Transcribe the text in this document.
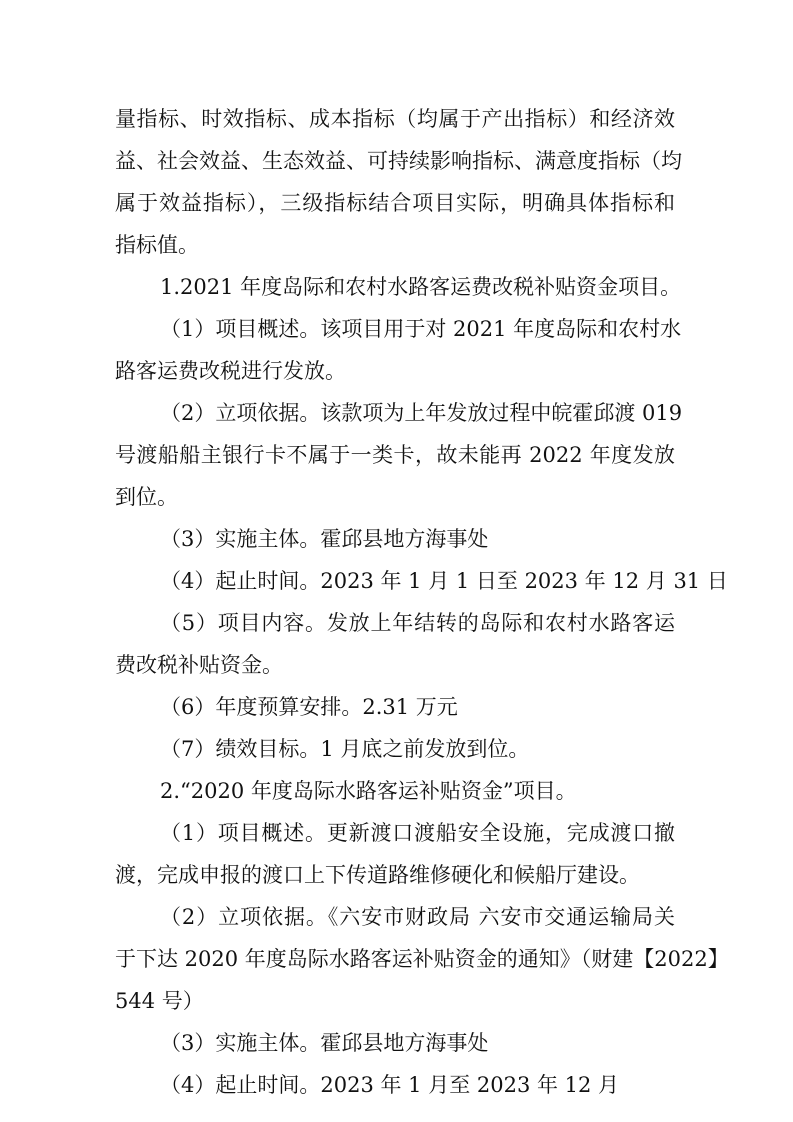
量指标、时效指标、成本指标（均属于产出指标）和经济效
益、社会效益、生态效益、可持续影响指标、满意度指标（均
属于效益指标），三级指标结合项目实际，明确具体指标和
指标值。
1.2021 年度岛际和农村水路客运费改税补贴资金项目。
（1）项目概述。该项目用于对 2021 年度岛际和农村水
路客运费改税进行发放。
（2）立项依据。该款项为上年发放过程中皖霍邱渡 019
号渡船船主银行卡不属于一类卡，故未能再 2022 年度发放
到位。
（3）实施主体。霍邱县地方海事处
（4）起止时间。2023 年 1 月 1 日至 2023 年 12 月 31 日
（5）项目内容。发放上年结转的岛际和农村水路客运
费改税补贴资金。
（6）年度预算安排。2.31 万元
（7）绩效目标。1 月底之前发放到位。
2.“2020 年度岛际水路客运补贴资金”项目。
（1）项目概述。更新渡口渡船安全设施，完成渡口撤
渡，完成申报的渡口上下传道路维修硬化和候船厅建设。
（2）立项依据。《六安市财政局 六安市交通运输局关
于下达 2020 年度岛际水路客运补贴资金的通知》（财建【2022】
544 号）
（3）实施主体。霍邱县地方海事处
（4）起止时间。2023 年 1 月至 2023 年 12 月
